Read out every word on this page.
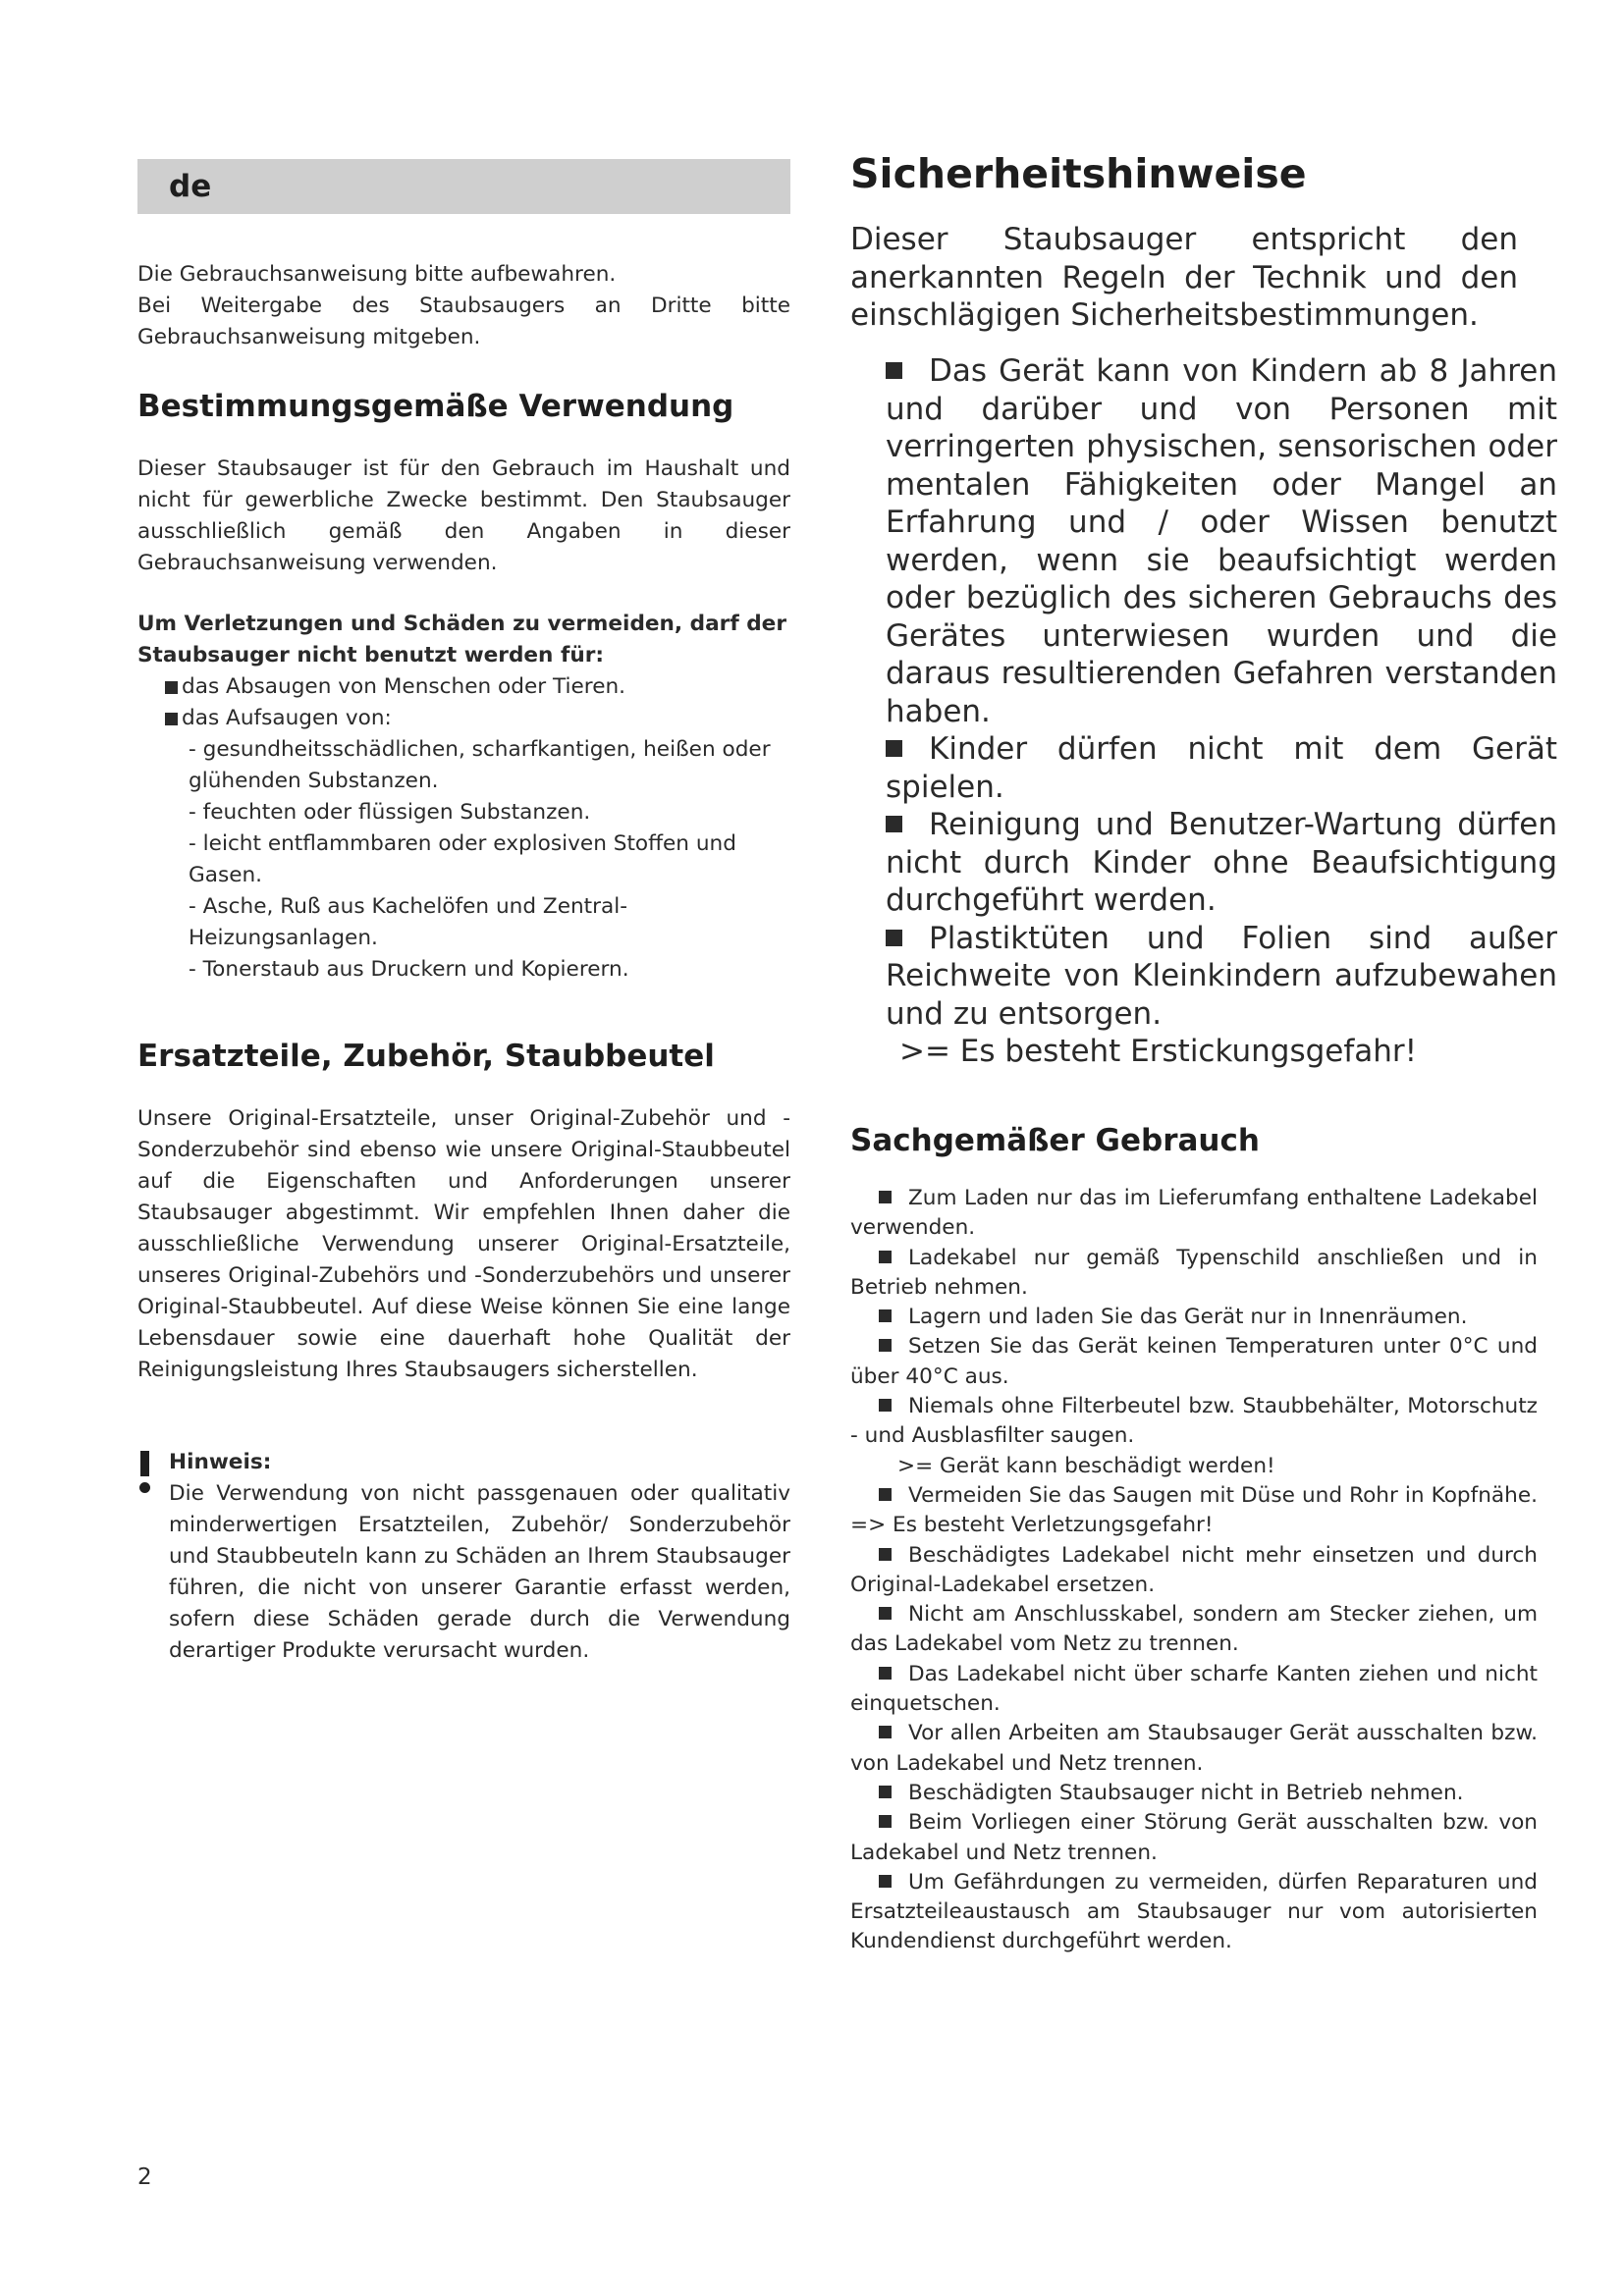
de

Die Gebrauchsanweisung bitte aufbewahren.

Bei Weitergabe des Staubsaugers an Dritte bitte Gebrauchsanweisung mitgeben.

Bestimmungsgemäße Verwendung

Dieser Staubsauger ist für den Gebrauch im Haushalt und nicht für gewerbliche Zwecke bestimmt. Den Staubsauger ausschließlich gemäß den Angaben in dieser Gebrauchsanweisung verwenden.

Um Verletzungen und Schäden zu vermeiden, darf der Staubsauger nicht benutzt werden für:

das Absaugen von Menschen oder Tieren.
das Aufsaugen von:
- gesundheitsschädlichen, scharfkantigen, heißen oder glühenden Substanzen.
- feuchten oder flüssigen Substanzen.
- leicht entflammbaren oder explosiven Stoffen und Gasen.
- Asche, Ruß aus Kachelöfen und Zentral- Heizungsanlagen.
- Tonerstaub aus Druckern und Kopierern.
Ersatzteile, Zubehör, Staubbeutel

Unsere Original-Ersatzteile, unser Original-Zubehör und -Sonderzubehör sind ebenso wie unsere Original-Staubbeutel auf die Eigenschaften und Anforderungen unserer Staubsauger abgestimmt. Wir empfehlen Ihnen daher die ausschließliche Verwendung unserer Original-Ersatzteile, unseres Original-Zubehörs und -Sonderzubehörs und unserer Original-Staubbeutel. Auf diese Weise können Sie eine lange Lebensdauer sowie eine dauerhaft hohe Qualität der Reinigungsleistung Ihres Staubsaugers sicherstellen.

Hinweis:

Die Verwendung von nicht passgenauen oder qualitativ minderwertigen Ersatzteilen, Zubehör/ Sonderzubehör und Staubbeuteln kann zu Schäden an Ihrem Staubsauger führen, die nicht von unserer Garantie erfasst werden, sofern diese Schäden gerade durch die Verwendung derartiger Produkte verursacht wurden.

Sicherheitshinweise

Dieser Staubsauger entspricht den anerkannten Regeln der Technik und den einschlägigen Sicherheitsbestimmungen.

Das Gerät kann von Kindern ab 8 Jahren und darüber und von Personen mit verringerten physischen, sensorischen oder mentalen Fähigkeiten oder Mangel an Erfahrung und / oder Wissen benutzt werden, wenn sie beaufsichtigt werden oder bezüglich des sicheren Gebrauchs des Gerätes unterwiesen wurden und die daraus resultierenden Gefahren verstanden haben.
Kinder dürfen nicht mit dem Gerät spielen.
Reinigung und Benutzer-Wartung dürfen nicht durch Kinder ohne Beaufsichtigung durchgeführt werden.
Plastiktüten und Folien sind außer Reichweite von Kleinkindern aufzubewahen und zu entsorgen.
>= Es besteht Erstickungsgefahr!
Sachgemäßer Gebrauch
Zum Laden nur das im Lieferumfang enthaltene Ladekabel verwenden.
Ladekabel nur gemäß Typenschild anschließen und in Betrieb nehmen.
Lagern und laden Sie das Gerät nur in Innenräumen.
Setzen Sie das Gerät keinen Temperaturen unter 0°C und über 40°C aus.
Niemals ohne Filterbeutel bzw. Staubbehälter, Motorschutz - und Ausblasfilter saugen.
>= Gerät kann beschädigt werden!
Vermeiden Sie das Saugen mit Düse und Rohr in Kopfnähe. => Es besteht Verletzungsgefahr!
Beschädigtes Ladekabel nicht mehr einsetzen und durch Original-Ladekabel ersetzen.
Nicht am Anschlusskabel, sondern am Stecker ziehen, um das Ladekabel vom Netz zu trennen.
Das Ladekabel nicht über scharfe Kanten ziehen und nicht einquetschen.
Vor allen Arbeiten am Staubsauger Gerät ausschalten bzw. von Ladekabel und Netz trennen.
Beschädigten Staubsauger nicht in Betrieb nehmen.
Beim Vorliegen einer Störung Gerät ausschalten bzw. von Ladekabel und Netz trennen.
Um Gefährdungen zu vermeiden, dürfen Reparaturen und Ersatzteileaustausch am Staubsauger nur vom autorisierten Kundendienst durchgeführt werden.

2
